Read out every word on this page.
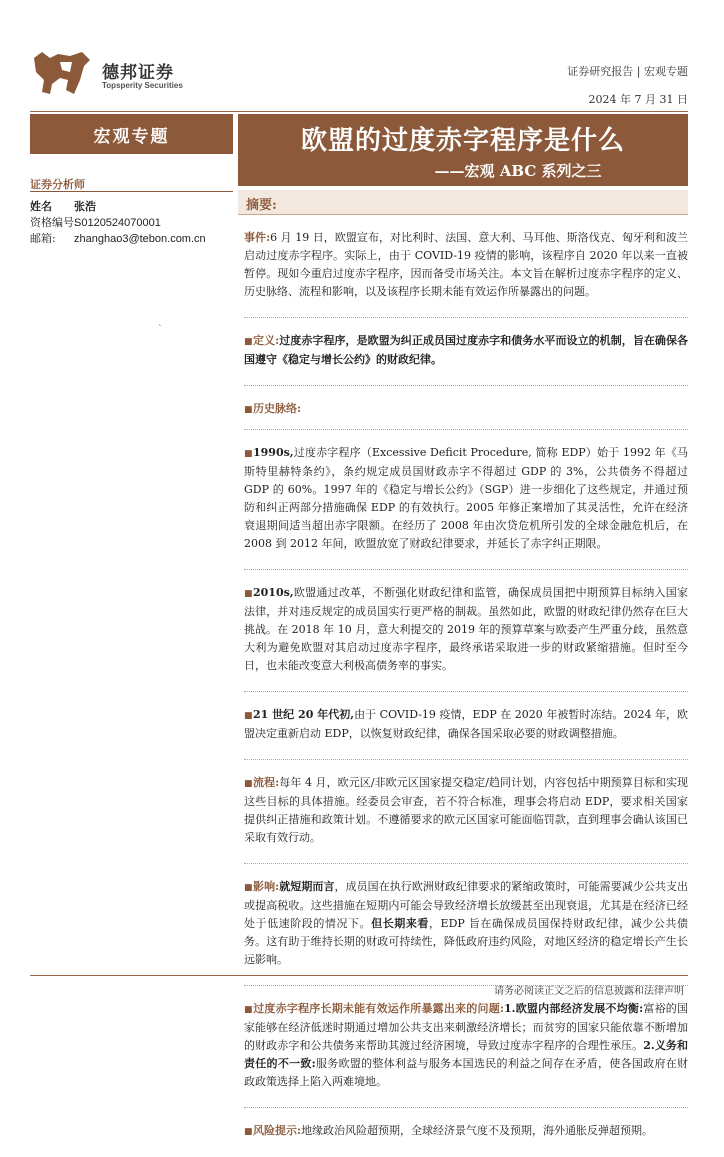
德邦证券
Topsperity Securities
证券研究报告 | 宏观专题
2024 年 7 月 31 日
宏观专题	欧盟的过度赤字程序是什么
——宏观 ABC 系列之三
证券分析师
姓名 张浩
资格编号:S0120524070001
邮箱: zhanghao3@tebon.com.cn
`
摘要:

事件:6 月 19 日，欧盟宣布，对比利时、法国、意大利、马耳他、斯洛伐克、匈牙利和波兰启动过度赤字程序。实际上，由于 COVID-19 疫情的影响，该程序自 2020 年以来一直被暂停。现如今重启过度赤字程序，因而备受市场关注。本文旨在解析过度赤字程序的定义、历史脉络、流程和影响，以及该程序长期未能有效运作所暴露出的问题。

■定义:过度赤字程序，是欧盟为纠正成员国过度赤字和债务水平而设立的机制，旨在确保各国遵守《稳定与增长公约》的财政纪律。

■历史脉络:

■1990s,过度赤字程序（Excessive Deficit Procedure, 简称 EDP）始于 1992 年《马斯特里赫特条约》，条约规定成员国财政赤字不得超过 GDP 的 3%，公共债务不得超过 GDP 的 60%。1997 年的《稳定与增长公约》（SGP）进一步细化了这些规定，并通过预防和纠正两部分措施确保 EDP 的有效执行。2005 年修正案增加了其灵活性，允许在经济衰退期间适当超出赤字限额。在经历了 2008 年由次贷危机所引发的全球金融危机后，在 2008 到 2012 年间，欧盟放宽了财政纪律要求，并延长了赤字纠正期限。

■2010s,欧盟通过改革，不断强化财政纪律和监管，确保成员国把中期预算目标纳入国家法律，并对违反规定的成员国实行更严格的制裁。虽然如此，欧盟的财政纪律仍然存在巨大挑战。在 2018 年 10 月，意大利提交的 2019 年的预算草案与欧委产生严重分歧，虽然意大利为避免欧盟对其启动过度赤字程序，最终承诺采取进一步的财政紧缩措施。但时至今日，也未能改变意大利极高债务率的事实。

■21 世纪 20 年代初,由于 COVID-19 疫情，EDP 在 2020 年被暂时冻结。2024 年，欧盟决定重新启动 EDP，以恢复财政纪律，确保各国采取必要的财政调整措施。

■流程:每年 4 月，欧元区/非欧元区国家提交稳定/趋同计划，内容包括中期预算目标和实现这些目标的具体措施。经委员会审查，若不符合标准，理事会将启动 EDP，要求相关国家提供纠正措施和政策计划。不遵循要求的欧元区国家可能面临罚款，直到理事会确认该国已采取有效行动。

■影响:就短期而言，成员国在执行欧洲财政纪律要求的紧缩政策时，可能需要减少公共支出或提高税收。这些措施在短期内可能会导致经济增长放缓甚至出现衰退，尤其是在经济已经处于低速阶段的情况下。但长期来看，EDP 旨在确保成员国保持财政纪律，减少公共债务。这有助于维持长期的财政可持续性，降低政府违约风险，对地区经济的稳定增长产生长远影响。

■过度赤字程序长期未能有效运作所暴露出来的问题:1.欧盟内部经济发展不均衡:富裕的国家能够在经济低迷时期通过增加公共支出来刺激经济增长；而贫穷的国家只能依靠不断增加的财政赤字和公共债务来帮助其渡过经济困境，导致过度赤字程序的合理性承压。2.义务和责任的不一致:服务欧盟的整体利益与服务本国选民的利益之间存在矛盾，使各国政府在财政政策选择上陷入两难境地。

■风险提示:地缘政治风险超预期，全球经济景气度不及预期，海外通胀反弹超预期。

请务必阅读正文之后的信息披露和法律声明
